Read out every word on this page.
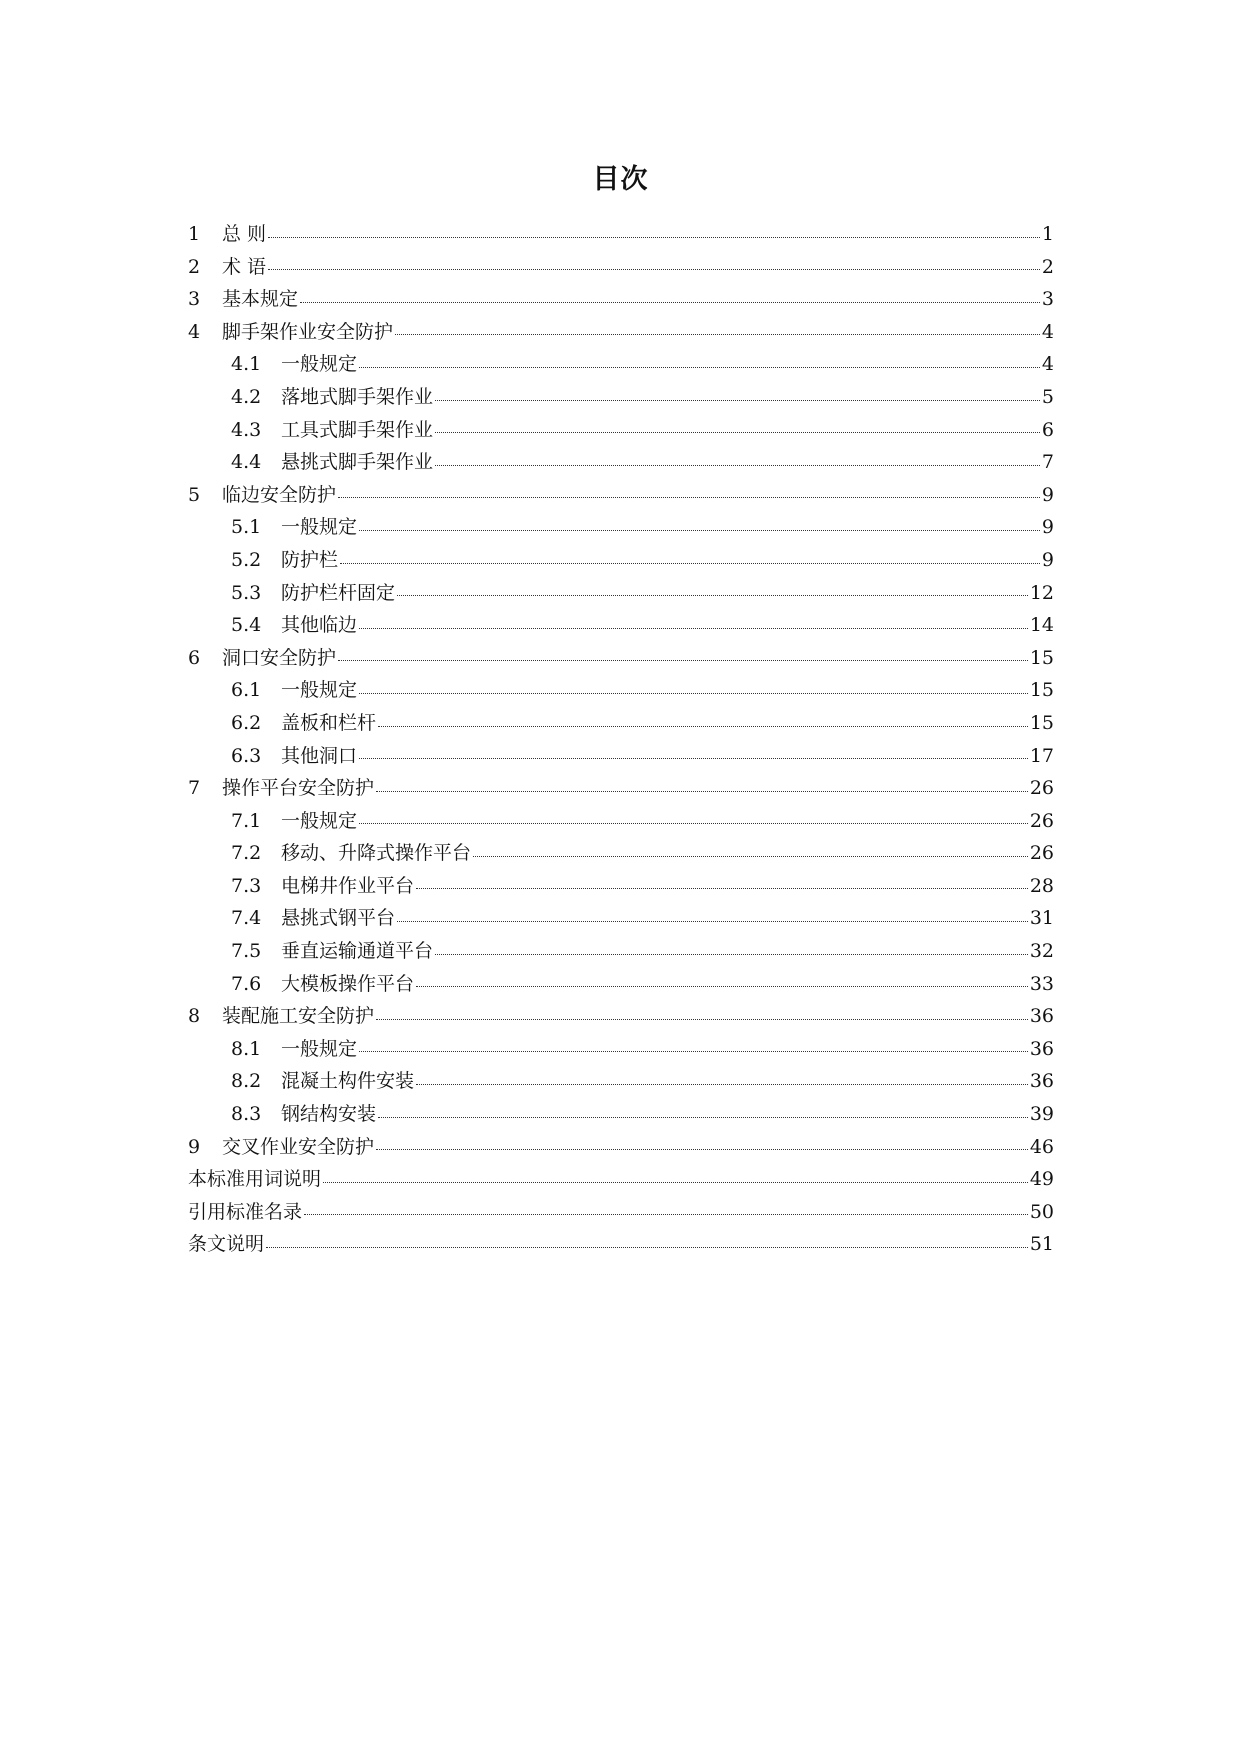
目次
1	总 则	1
2	术 语	2
3	基本规定	3
4	脚手架作业安全防护	4
4.1	一般规定	4
4.2	落地式脚手架作业	5
4.3	工具式脚手架作业	6
4.4	悬挑式脚手架作业	7
5	临边安全防护	9
5.1	一般规定	9
5.2	防护栏	9
5.3	防护栏杆固定	12
5.4	其他临边	14
6	洞口安全防护	15
6.1	一般规定	15
6.2	盖板和栏杆	15
6.3	其他洞口	17
7	操作平台安全防护	26
7.1	一般规定	26
7.2	移动、升降式操作平台	26
7.3	电梯井作业平台	28
7.4	悬挑式钢平台	31
7.5	垂直运输通道平台	32
7.6	大模板操作平台	33
8	装配施工安全防护	36
8.1	一般规定	36
8.2	混凝土构件安装	36
8.3	钢结构安装	39
9	交叉作业安全防护	46
本标准用词说明	49
引用标准名录	50
条文说明	51
